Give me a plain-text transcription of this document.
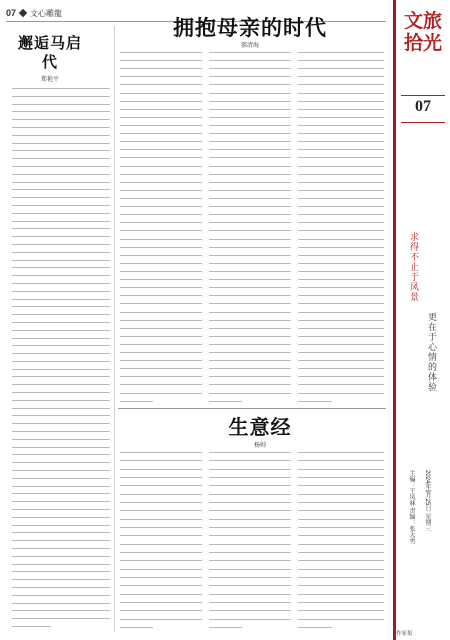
07 文心雕龍
邂逅马启代
郑艳平
拥抱母亲的时代
郝清海
生意经
杨帅
文旅拾光
07
求得不止于风景
更在于心情的体验
主编：王凤林 责编：张大勇	2024年9月25日 星期三
作家报
